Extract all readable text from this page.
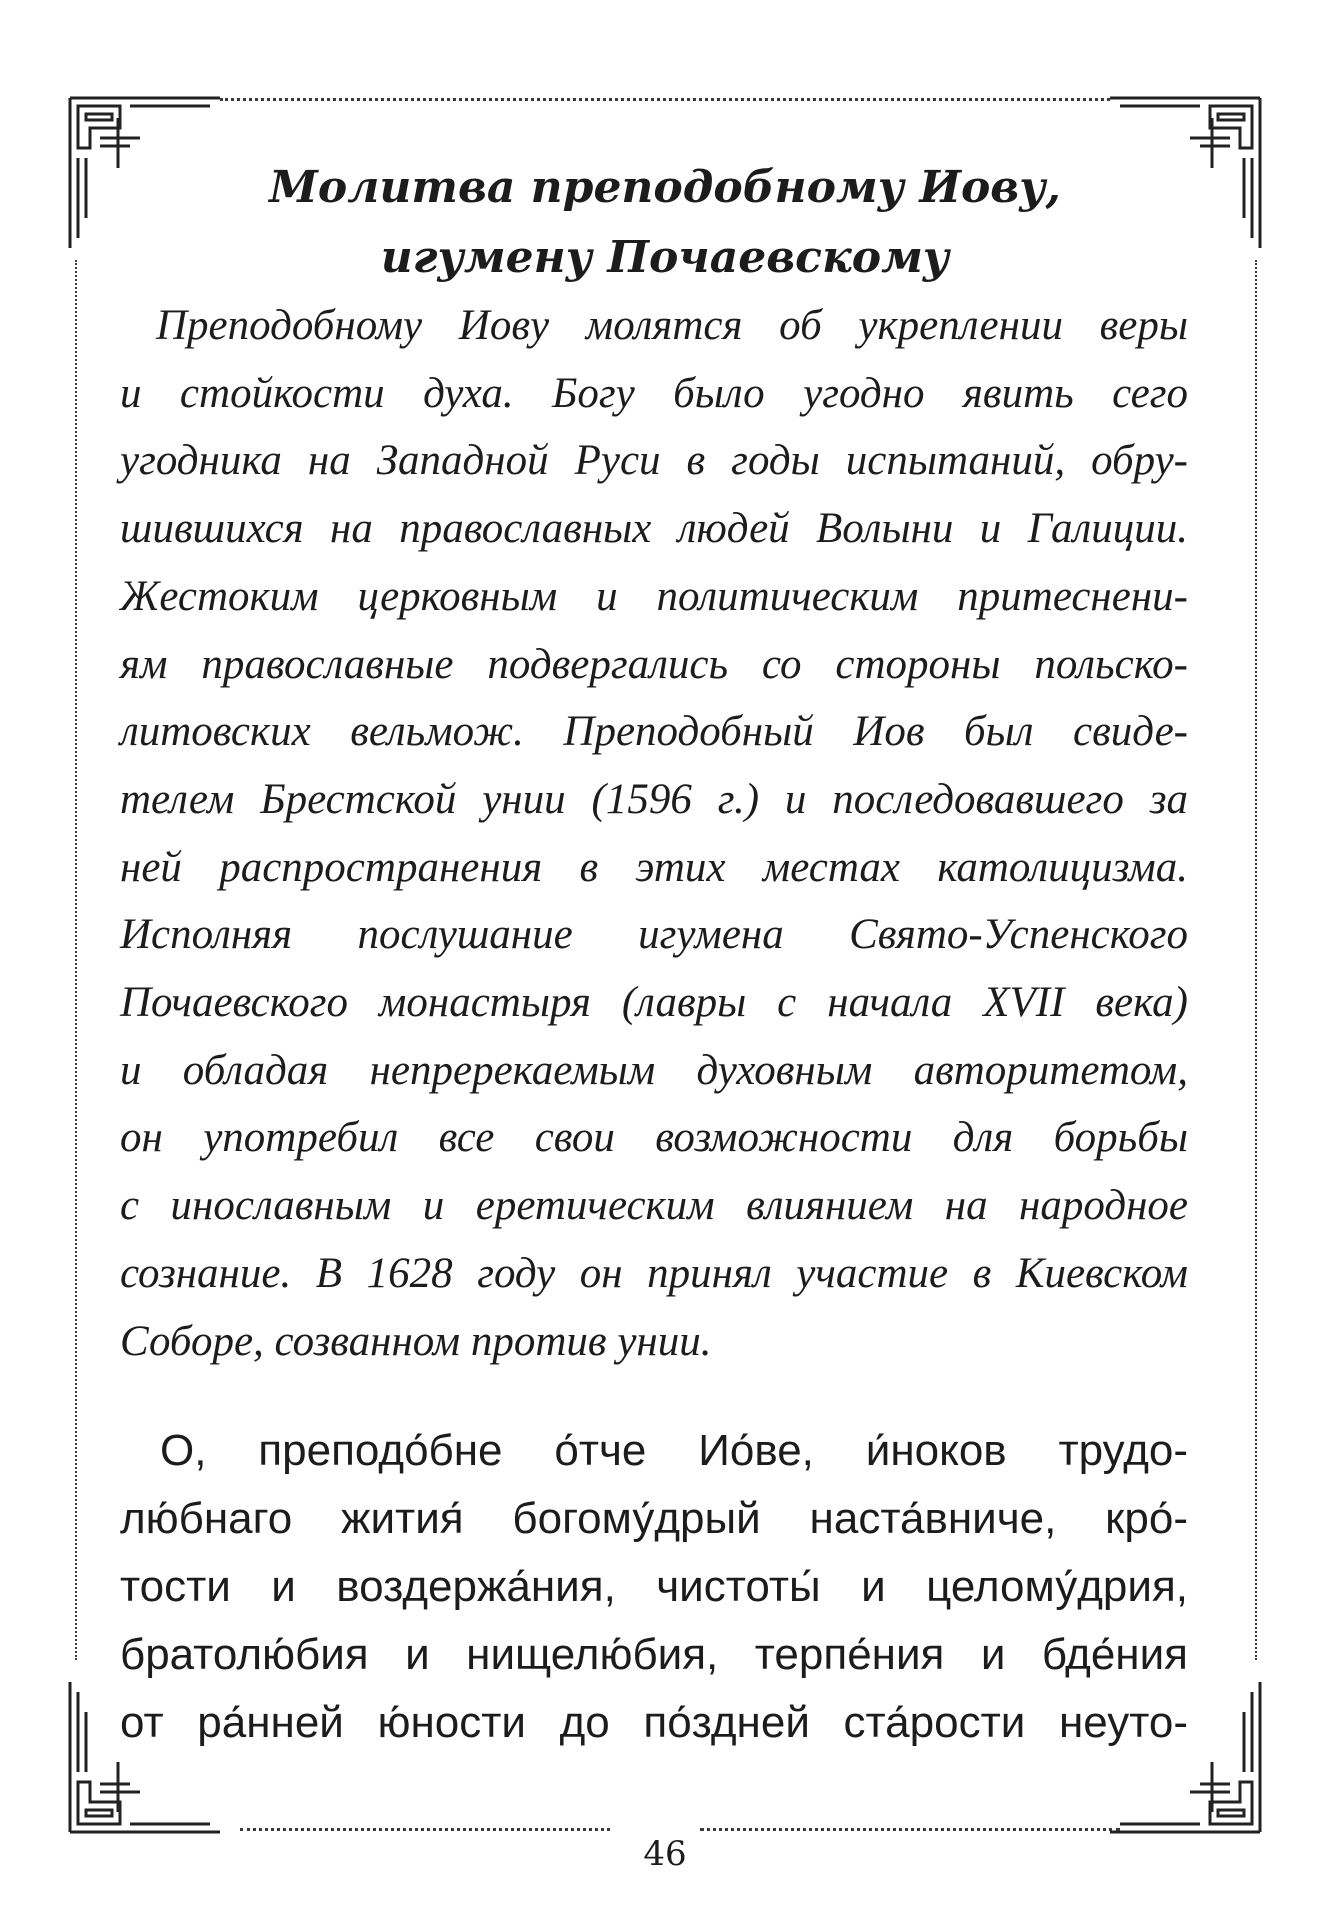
Молитва преподобному Иову,
игумену Почаевскому
Преподобному Иову молятся об укреплении веры
и стойкости духа. Богу было угодно явить сего
угодника на Западной Руси в годы испытаний, обру-
шившихся на православных людей Волыни и Галиции.
Жестоким церковным и политическим притеснени-
ям православные подвергались со стороны польско-
литовских вельмож. Преподобный Иов был свиде-
телем Брестской унии (1596 г.) и последовавшего за
ней распространения в этих местах католицизма.
Исполняя послушание игумена Свято-Успенского
Почаевского монастыря (лавры с начала XVII века)
и обладая непререкаемым духовным авторитетом,
он употребил все свои возможности для борьбы
с инославным и еретическим влиянием на народное
сознание. В 1628 году он принял участие в Киевском
Соборе, созванном против унии.
О, преподо́бне о́тче Ио́ве, и́ноков трудо-
лю́бнаго жития́ богому́дрый наста́вниче, кро́-
тости и воздержа́ния, чистоты́ и целому́дрия,
братолю́бия и нищелю́бия, терпе́ния и бде́ния
от ра́нней ю́ности до по́здней ста́рости неуто-
46
